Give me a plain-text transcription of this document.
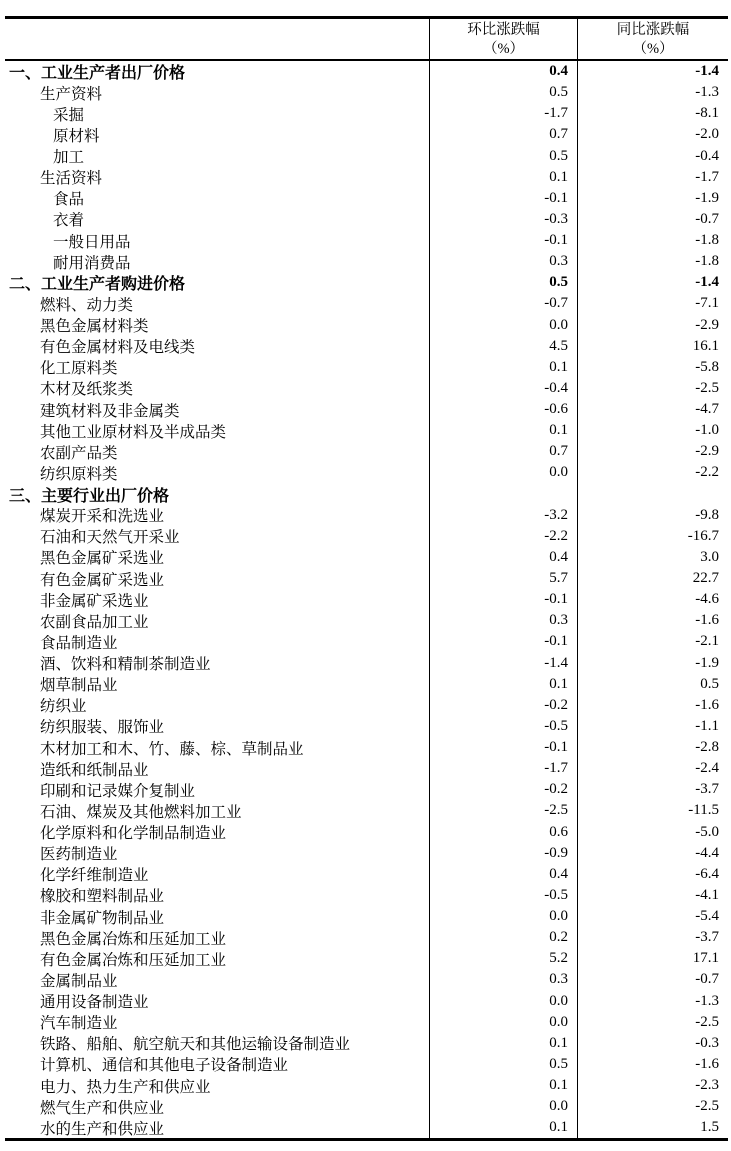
环比涨跌幅
（%）
同比涨跌幅
（%）
一、工业生产者出厂价格	0.4	-1.4
生产资料	0.5	-1.3
采掘	-1.7	-8.1
原材料	0.7	-2.0
加工	0.5	-0.4
生活资料	0.1	-1.7
食品	-0.1	-1.9
衣着	-0.3	-0.7
一般日用品	-0.1	-1.8
耐用消费品	0.3	-1.8
二、工业生产者购进价格	0.5	-1.4
燃料、动力类	-0.7	-7.1
黑色金属材料类	0.0	-2.9
有色金属材料及电线类	4.5	16.1
化工原料类	0.1	-5.8
木材及纸浆类	-0.4	-2.5
建筑材料及非金属类	-0.6	-4.7
其他工业原材料及半成品类	0.1	-1.0
农副产品类	0.7	-2.9
纺织原料类	0.0	-2.2
三、主要行业出厂价格
煤炭开采和洗选业	-3.2	-9.8
石油和天然气开采业	-2.2	-16.7
黑色金属矿采选业	0.4	3.0
有色金属矿采选业	5.7	22.7
非金属矿采选业	-0.1	-4.6
农副食品加工业	0.3	-1.6
食品制造业	-0.1	-2.1
酒、饮料和精制茶制造业	-1.4	-1.9
烟草制品业	0.1	0.5
纺织业	-0.2	-1.6
纺织服装、服饰业	-0.5	-1.1
木材加工和木、竹、藤、棕、草制品业	-0.1	-2.8
造纸和纸制品业	-1.7	-2.4
印刷和记录媒介复制业	-0.2	-3.7
石油、煤炭及其他燃料加工业	-2.5	-11.5
化学原料和化学制品制造业	0.6	-5.0
医药制造业	-0.9	-4.4
化学纤维制造业	0.4	-6.4
橡胶和塑料制品业	-0.5	-4.1
非金属矿物制品业	0.0	-5.4
黑色金属冶炼和压延加工业	0.2	-3.7
有色金属冶炼和压延加工业	5.2	17.1
金属制品业	0.3	-0.7
通用设备制造业	0.0	-1.3
汽车制造业	0.0	-2.5
铁路、船舶、航空航天和其他运输设备制造业	0.1	-0.3
计算机、通信和其他电子设备制造业	0.5	-1.6
电力、热力生产和供应业	0.1	-2.3
燃气生产和供应业	0.0	-2.5
水的生产和供应业	0.1	1.5
